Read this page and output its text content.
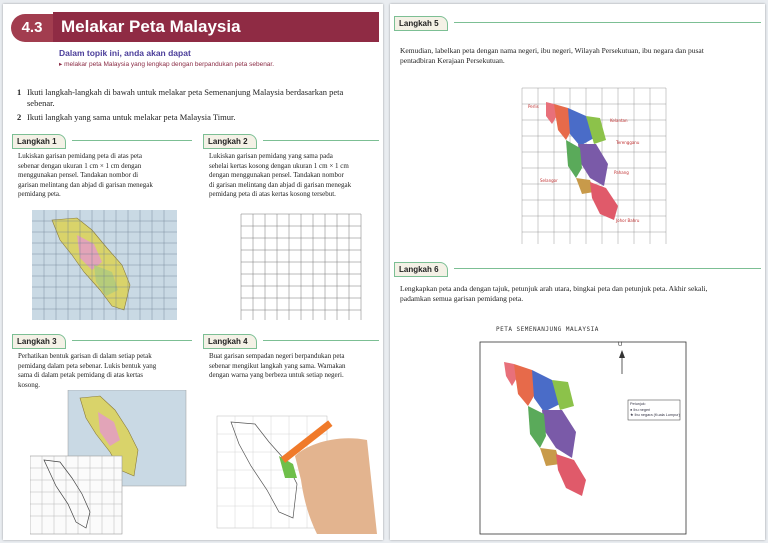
4.3	Melakar Peta Malaysia
Dalam topik ini, anda akan dapat
▸ melakar peta Malaysia yang lengkap dengan berpandukan peta sebenar.
1 Ikuti langkah-langkah di bawah untuk melakar peta Semenanjung Malaysia berdasarkan peta
sebenar.
2 Ikuti langkah yang sama untuk melakar peta Malaysia Timur.
Langkah 1
Lukiskan garisan pemidang peta di atas peta
sebenar dengan ukuran 1 cm × 1 cm dengan
menggunakan pensel. Tandakan nombor di
garisan melintang dan abjad di garisan menegak
pemidang peta.
Langkah 2
Lukiskan garisan pemidang yang sama pada
sehelai kertas kosong dengan ukuran 1 cm × 1 cm
dengan menggunakan pensel. Tandakan nombor
di garisan melintang dan abjad di garisan menegak
pemidang peta di atas kertas kosong tersebut.
Langkah 3
Perhatikan bentuk garisan di dalam setiap petak
pemidang dalam peta sebenar. Lukis bentuk yang
sama di dalam petak pemidang di atas kertas
kosong.
Langkah 4
Buat garisan sempadan negeri berpandukan peta
sebenar mengikut langkah yang sama. Warnakan
dengan warna yang berbeza untuk setiap negeri.
Langkah 5
Kemudian, labelkan peta dengan nama negeri, ibu negeri, Wilayah Persekutuan, ibu negara dan pusat
pentadbiran Kerajaan Persekutuan.
Perlis
Kelantan
Terengganu
Pahang
Selangor
Johor Bahru
Langkah 6
Lengkapkan peta anda dengan tajuk, petunjuk arah utara, bingkai peta dan petunjuk peta. Akhir sekali,
padamkan semua garisan pemidang peta.
PETA SEMENANJUNG MALAYSIA
U
Petunjuk:
● Ibu negeri
★ Ibu negara (Kuala Lumpur)
